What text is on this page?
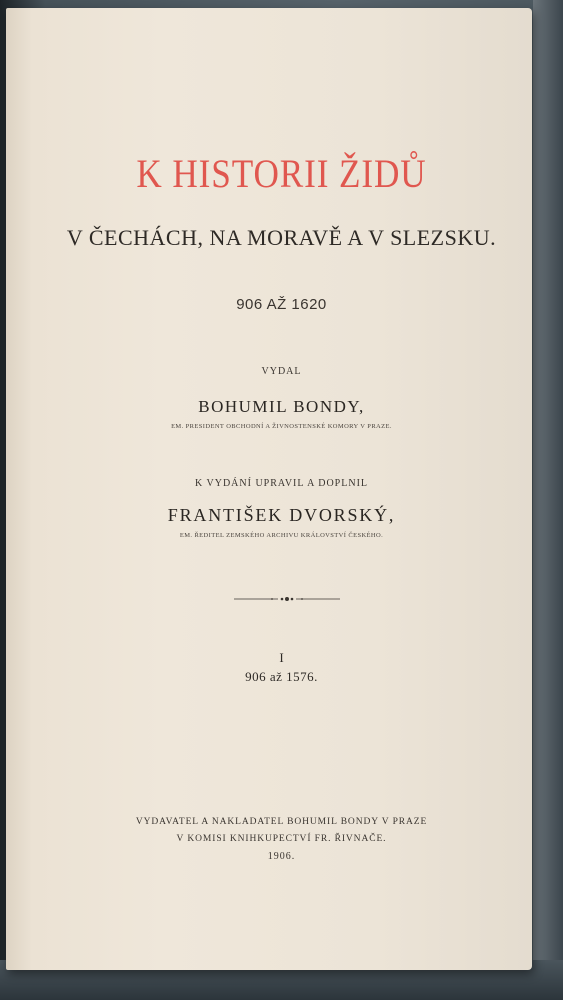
K HISTORII ŽIDŮ
V ČECHÁCH, NA MORAVĚ A V SLEZSKU.
906 AŽ 1620
VYDAL
BOHUMIL BONDY,
EM. PRESIDENT OBCHODNÍ A ŽIVNOSTENSKÉ KOMORY V PRAZE.
K VYDÁNÍ UPRAVIL A DOPLNIL
FRANTIŠEK DVORSKÝ,
EM. ŘEDITEL ZEMSKÉHO ARCHIVU KRÁLOVSTVÍ ČESKÉHO.
I
906 až 1576.
VYDAVATEL A NAKLADATEL BOHUMIL BONDY V PRAZE
V KOMISI KNIHKUPECTVÍ FR. ŘIVNAČE.
1906.
